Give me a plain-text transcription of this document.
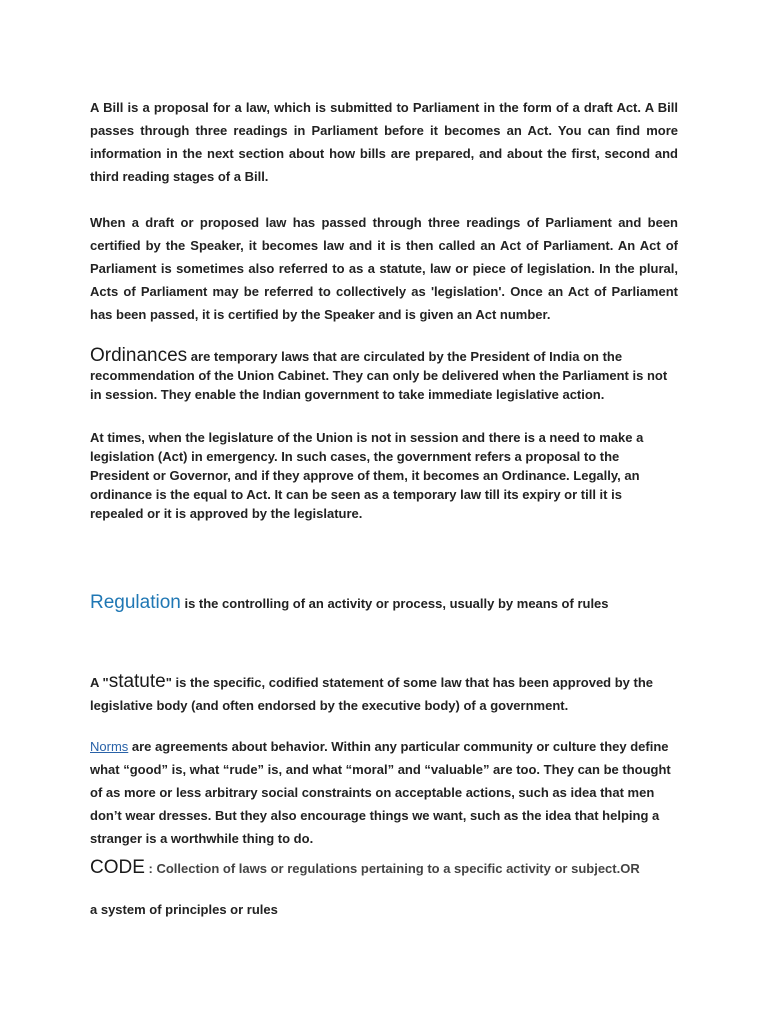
A Bill is a proposal for a law, which is submitted to Parliament in the form of a draft Act. A Bill passes through three readings in Parliament before it becomes an Act. You can find more information in the next section about how bills are prepared, and about the first, second and third reading stages of a Bill.

When a draft or proposed law has passed through three readings of Parliament and been certified by the Speaker, it becomes law and it is then called an Act of Parliament. An Act of Parliament is sometimes also referred to as a statute, law or piece of legislation. In the plural, Acts of Parliament may be referred to collectively as 'legislation'. Once an Act of Parliament has been passed, it is certified by the Speaker and is given an Act number.

Ordinances are temporary laws that are circulated by the President of India on the recommendation of the Union Cabinet. They can only be delivered when the Parliament is not in session. They enable the Indian government to take immediate legislative action.

At times, when the legislature of the Union is not in session and there is a need to make a legislation (Act) in emergency. In such cases, the government refers a proposal to the President or Governor, and if they approve of them, it becomes an Ordinance. Legally, an ordinance is the equal to Act. It can be seen as a temporary law till its expiry or till it is repealed or it is approved by the legislature.

Regulation is the controlling of an activity or process, usually by means of rules

A "statute" is the specific, codified statement of some law that has been approved by the legislative body (and often endorsed by the executive body) of a government.

Norms are agreements about behavior. Within any particular community or culture they define what “good” is, what “rude” is, and what “moral” and “valuable” are too. They can be thought of as more or less arbitrary social constraints on acceptable actions, such as idea that men don’t wear dresses. But they also encourage things we want, such as the idea that helping a stranger is a worthwhile thing to do.

CODE : Collection of laws or regulations pertaining to a specific activity or subject.OR

a system of principles or rules
